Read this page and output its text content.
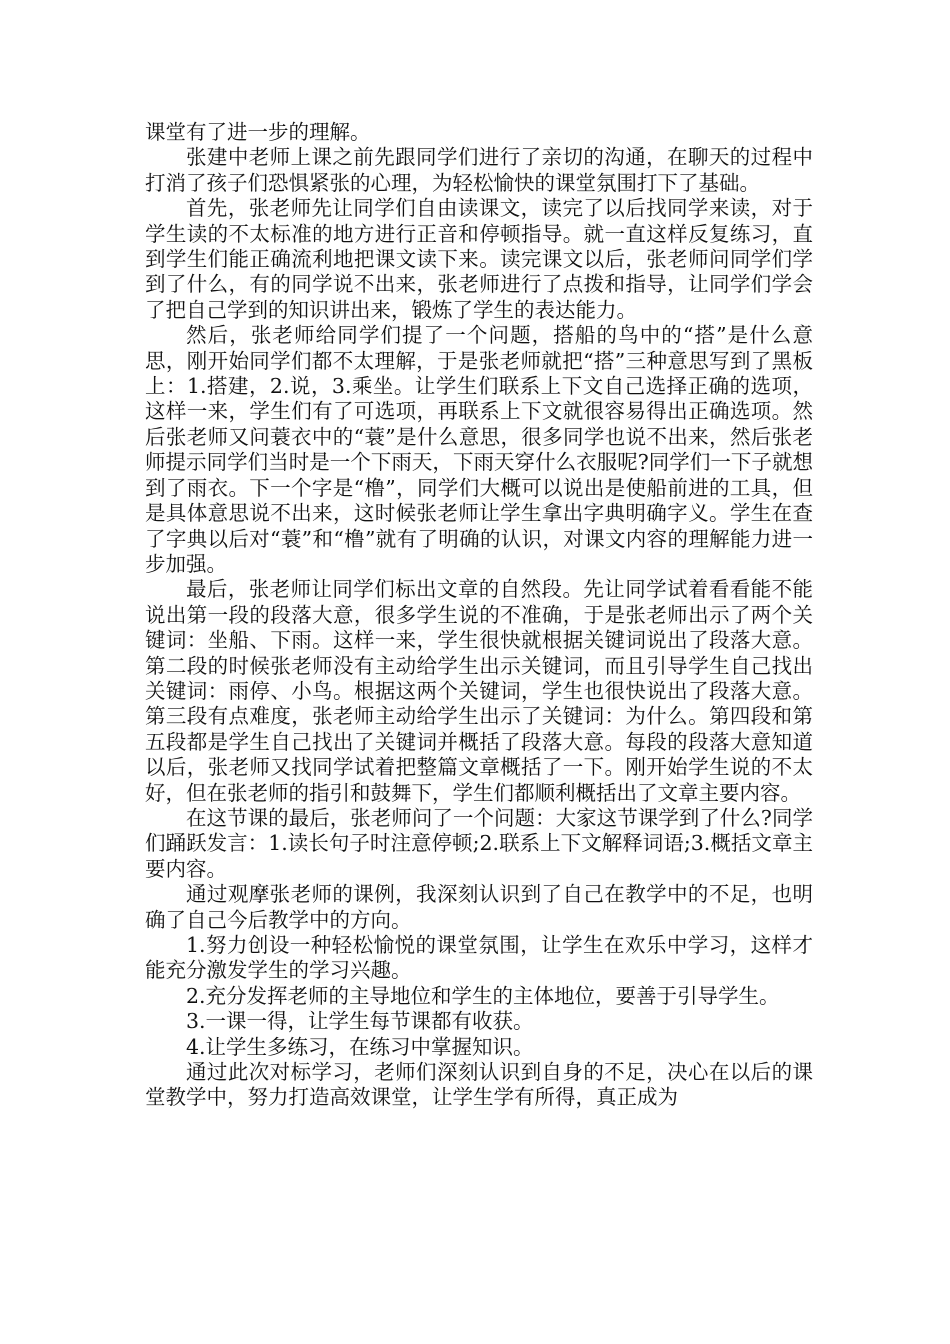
课堂有了进一步的理解。

张建中老师上课之前先跟同学们进行了亲切的沟通，在聊天的过程中打消了孩子们恐惧紧张的心理，为轻松愉快的课堂氛围打下了基础。

首先，张老师先让同学们自由读课文，读完了以后找同学来读，对于学生读的不太标准的地方进行正音和停顿指导。就一直这样反复练习，直到学生们能正确流利地把课文读下来。读完课文以后，张老师问同学们学到了什么，有的同学说不出来，张老师进行了点拨和指导，让同学们学会了把自己学到的知识讲出来，锻炼了学生的表达能力。

然后，张老师给同学们提了一个问题，搭船的鸟中的“搭”是什么意思，刚开始同学们都不太理解，于是张老师就把“搭”三种意思写到了黑板上：1.搭建，2.说，3.乘坐。让学生们联系上下文自己选择正确的选项，这样一来，学生们有了可选项，再联系上下文就很容易得出正确选项。然后张老师又问蓑衣中的“蓑”是什么意思，很多同学也说不出来，然后张老师提示同学们当时是一个下雨天，下雨天穿什么衣服呢?同学们一下子就想到了雨衣。下一个字是“橹”，同学们大概可以说出是使船前进的工具，但是具体意思说不出来，这时候张老师让学生拿出字典明确字义。学生在查了字典以后对“蓑”和“橹”就有了明确的认识，对课文内容的理解能力进一步加强。

最后，张老师让同学们标出文章的自然段。先让同学试着看看能不能说出第一段的段落大意，很多学生说的不准确，于是张老师出示了两个关键词：坐船、下雨。这样一来，学生很快就根据关键词说出了段落大意。第二段的时候张老师没有主动给学生出示关键词，而且引导学生自己找出关键词：雨停、小鸟。根据这两个关键词，学生也很快说出了段落大意。第三段有点难度，张老师主动给学生出示了关键词：为什么。第四段和第五段都是学生自己找出了关键词并概括了段落大意。每段的段落大意知道以后，张老师又找同学试着把整篇文章概括了一下。刚开始学生说的不太好，但在张老师的指引和鼓舞下，学生们都顺利概括出了文章主要内容。

在这节课的最后，张老师问了一个问题：大家这节课学到了什么?同学们踊跃发言：1.读长句子时注意停顿;2.联系上下文解释词语;3.概括文章主要内容。

通过观摩张老师的课例，我深刻认识到了自己在教学中的不足，也明确了自己今后教学中的方向。

1.努力创设一种轻松愉悦的课堂氛围，让学生在欢乐中学习，这样才能充分激发学生的学习兴趣。

2.充分发挥老师的主导地位和学生的主体地位，要善于引导学生。

3.一课一得，让学生每节课都有收获。

4.让学生多练习，在练习中掌握知识。

通过此次对标学习，老师们深刻认识到自身的不足，决心在以后的课堂教学中，努力打造高效课堂，让学生学有所得，真正成为
